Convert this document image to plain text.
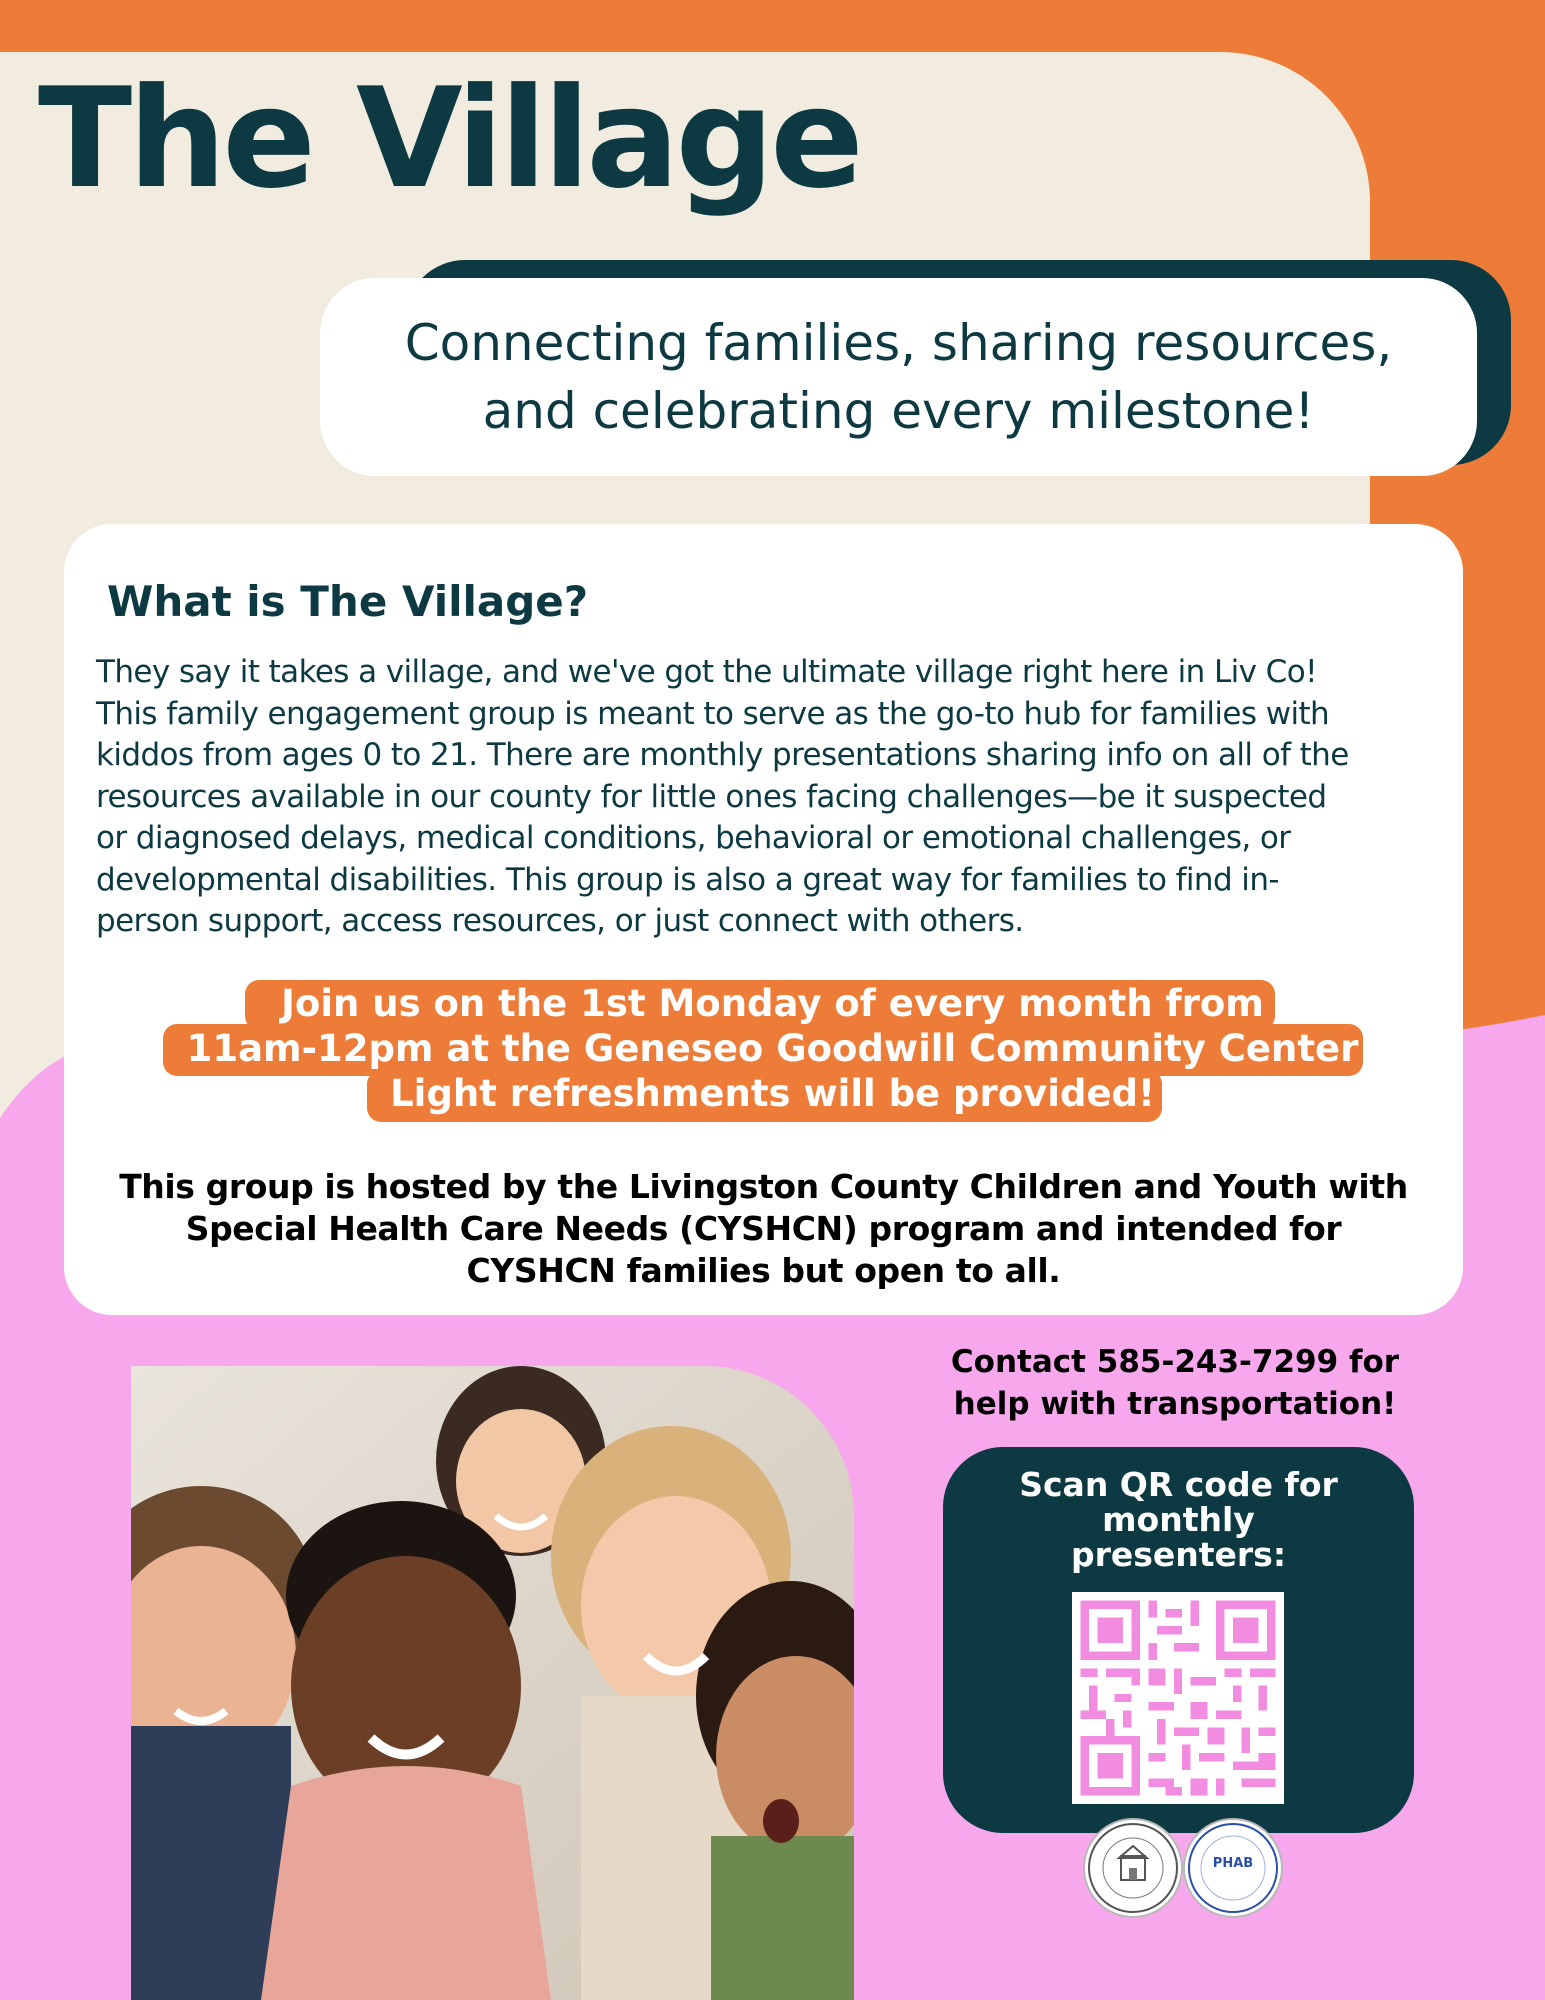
The Village
Connecting families, sharing resources,
and celebrating every milestone!
What is The Village?
They say it takes a village, and we've got the ultimate village right here in Liv Co!
This family engagement group is meant to serve as the go-to hub for families with
kiddos from ages 0 to 21. There are monthly presentations sharing info on all of the
resources available in our county for little ones facing challenges—be it suspected
or diagnosed delays, medical conditions, behavioral or emotional challenges, or
developmental disabilities. This group is also a great way for families to find in-
person support, access resources, or just connect with others.
Join us on the 1st Monday of every month from
11am-12pm at the Geneseo Goodwill Community Center
Light refreshments will be provided!
This group is hosted by the Livingston County Children and Youth with
Special Health Care Needs (CYSHCN) program and intended for
CYSHCN families but open to all.
Contact 585-243-7299 for
help with transportation!
Scan QR code for
monthly
presenters:
PHAB
